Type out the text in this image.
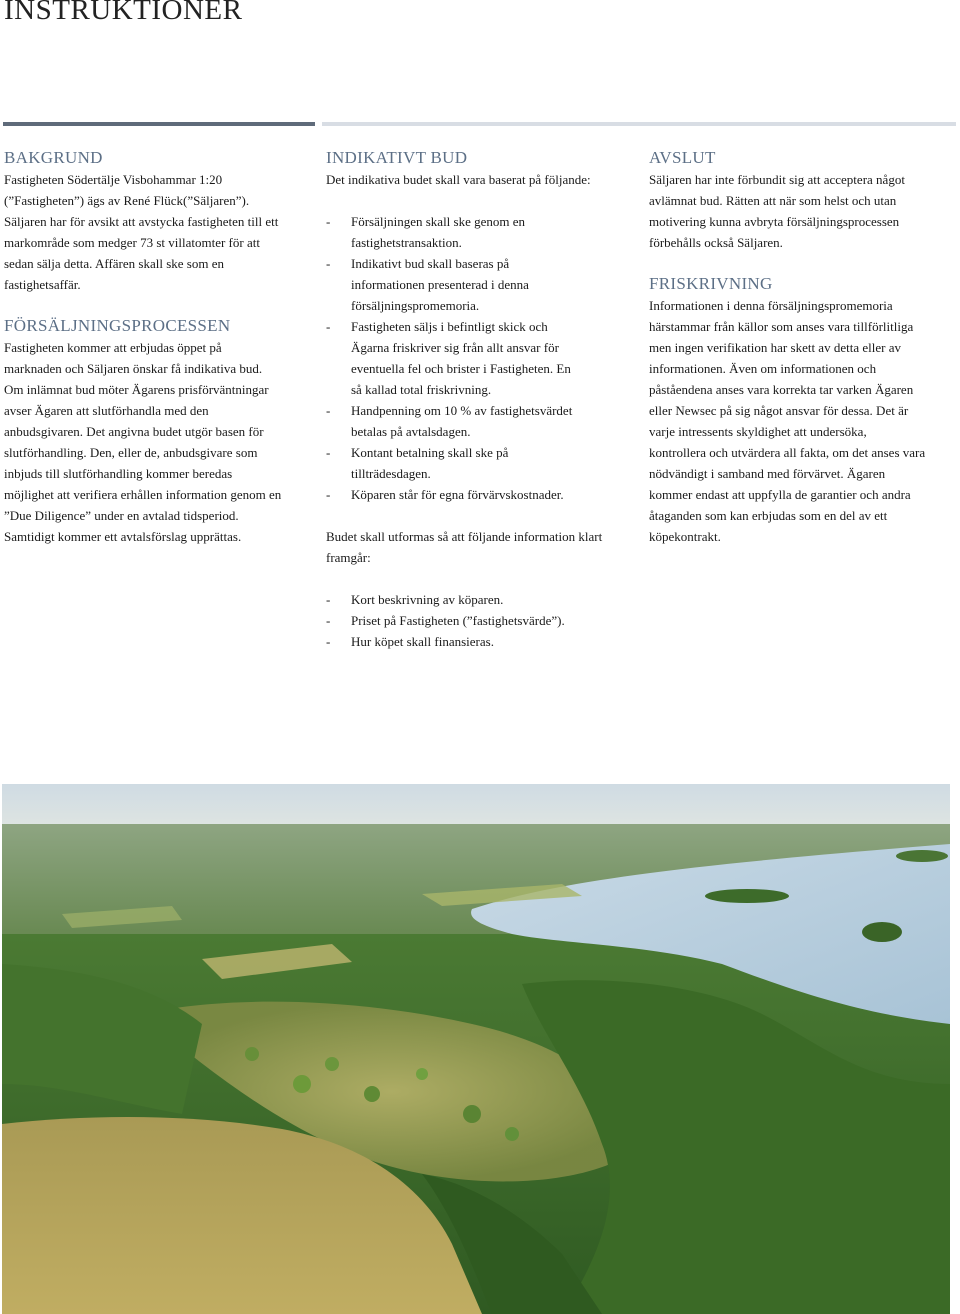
INSTRUKTIONER
BAKGRUND

Fastigheten Södertälje Visbohammar 1:20

(”Fastigheten”) ägs av René Flück(”Säljaren”).

Säljaren har för avsikt att avstycka fastigheten till ett

markområde som medger 73 st villatomter för att

sedan sälja detta. Affären skall ske som en

fastighetsaffär.

FÖRSÄLJNINGSPROCESSEN

Fastigheten kommer att erbjudas öppet på

marknaden och Säljaren önskar få indikativa bud.

Om inlämnat bud möter Ägarens prisförväntningar

avser Ägaren att slutförhandla med den

anbudsgivaren. Det angivna budet utgör basen för

slutförhandling. Den, eller de, anbudsgivare som

inbjuds till slutförhandling kommer beredas

möjlighet att verifiera erhållen information genom en

”Due Diligence” under en avtalad tidsperiod.

Samtidigt kommer ett avtalsförslag upprättas.

INDIKATIVT BUD

Det indikativa budet skall vara baserat på följande:

- Försäljningen skall ske genom en
fastighetstransaktion.
- Indikativt bud skall baseras på
informationen presenterad i denna
försäljningspromemoria.
- Fastigheten säljs i befintligt skick och
Ägarna friskriver sig från allt ansvar för
eventuella fel och brister i Fastigheten. En
så kallad total friskrivning.
- Handpenning om 10 % av fastighetsvärdet
betalas på avtalsdagen.
- Kontant betalning skall ske på
tillträdesdagen.
- Köparen står för egna förvärvskostnader.

Budet skall utformas så att följande information klart

framgår:

- Kort beskrivning av köparen.
- Priset på Fastigheten (”fastighetsvärde”).
- Hur köpet skall finansieras.
AVSLUT

Säljaren har inte förbundit sig att acceptera något

avlämnat bud. Rätten att när som helst och utan

motivering kunna avbryta försäljningsprocessen

förbehålls också Säljaren.

FRISKRIVNING

Informationen i denna försäljningspromemoria

härstammar från källor som anses vara tillförlitliga

men ingen verifikation har skett av detta eller av

informationen. Även om informationen och

påståendena anses vara korrekta tar varken Ägaren

eller Newsec på sig något ansvar för dessa. Det är

varje intressents skyldighet att undersöka,

kontrollera och utvärdera all fakta, om det anses vara

nödvändigt i samband med förvärvet. Ägaren

kommer endast att uppfylla de garantier och andra

åtaganden som kan erbjudas som en del av ett

köpekontrakt.
